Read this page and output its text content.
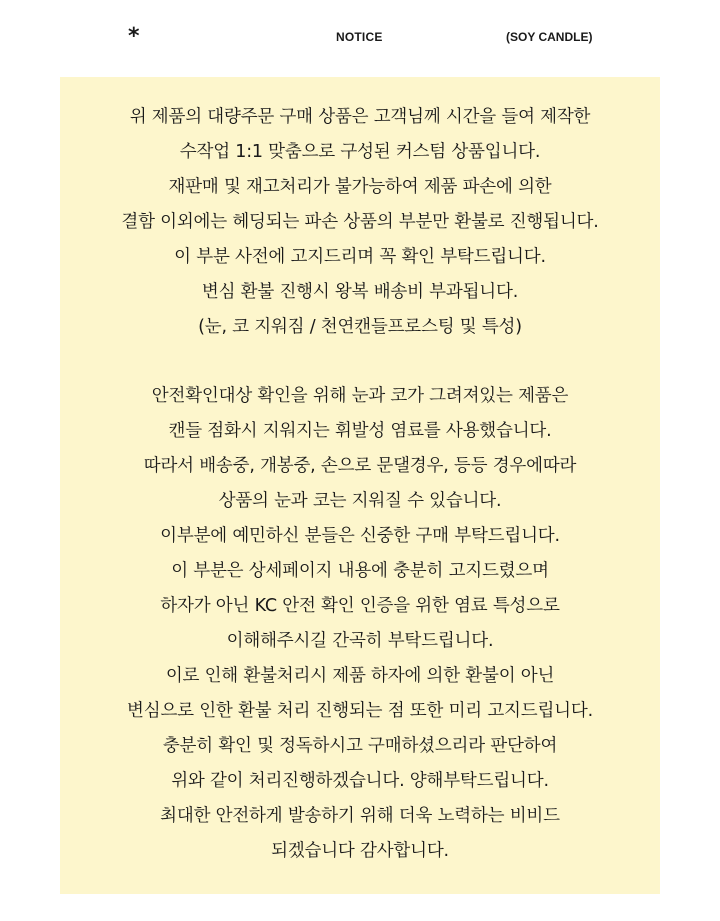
*	NOTICE	(SOY CANDLE)
위 제품의 대량주문 구매 상품은 고객님께 시간을 들여 제작한
수작업 1:1 맞춤으로 구성된 커스텀 상품입니다.
재판매 및 재고처리가 불가능하여 제품 파손에 의한
결함 이외에는 헤딩되는 파손 상품의 부분만 환불로 진행됩니다.
이 부분 사전에 고지드리며 꼭 확인 부탁드립니다.
변심 환불 진행시 왕복 배송비 부과됩니다.
(눈, 코 지워짐 / 천연캔들프로스팅 및 특성)
안전확인대상 확인을 위해 눈과 코가 그려져있는 제품은
캔들 점화시 지워지는 휘발성 염료를 사용했습니다.
따라서 배송중, 개봉중, 손으로 문댈경우, 등등 경우에따라
상품의 눈과 코는 지워질 수 있습니다.
이부분에 예민하신 분들은 신중한 구매 부탁드립니다.
이 부분은 상세페이지 내용에 충분히 고지드렸으며
하자가 아닌 KC 안전 확인 인증을 위한 염료 특성으로
이해해주시길 간곡히 부탁드립니다.
이로 인해 환불처리시 제품 하자에 의한 환불이 아닌
변심으로 인한 환불 처리 진행되는 점 또한 미리 고지드립니다.
충분히 확인 및 정독하시고 구매하셨으리라 판단하여
위와 같이 처리진행하겠습니다. 양해부탁드립니다.
최대한 안전하게 발송하기 위해 더욱 노력하는 비비드
되겠습니다 감사합니다.
